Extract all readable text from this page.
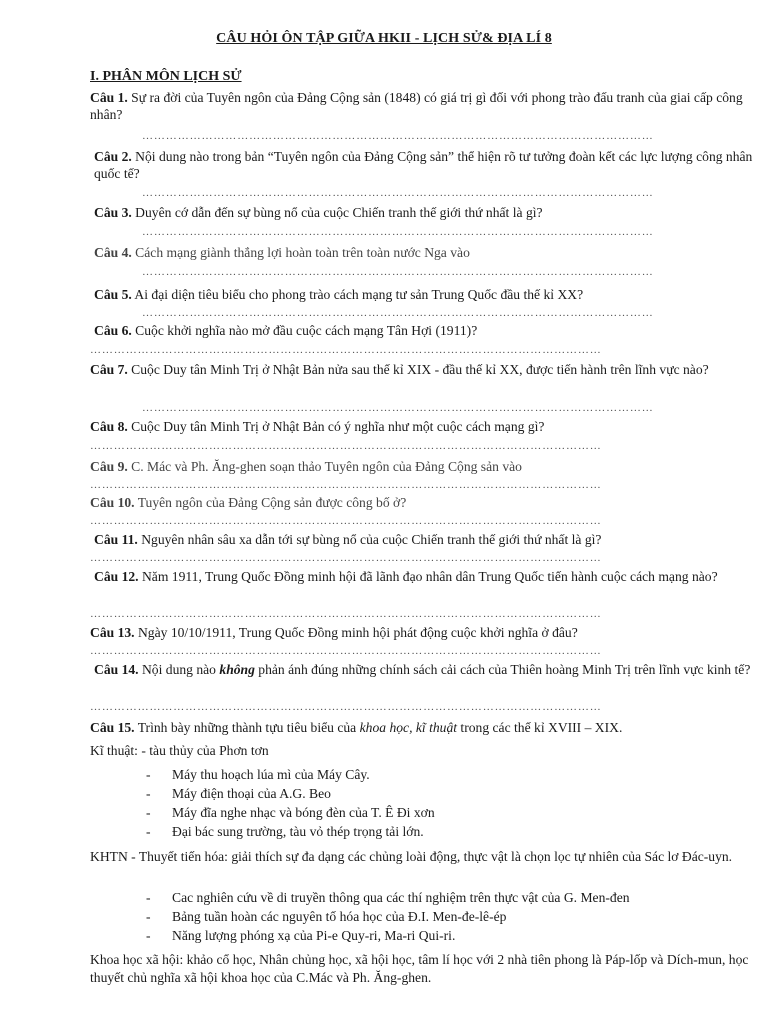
CÂU HỎI ÔN TẬP GIỮA HKII - LỊCH SỬ& ĐỊA LÍ 8
I. PHÂN MÔN LỊCH SỬ
Câu 1. Sự ra đời của Tuyên ngôn của Đảng Cộng sản (1848) có giá trị gì đối với phong trào đấu tranh của giai cấp công nhân?
…………………………………………………………………………………………………………………
Câu 2. Nội dung nào trong bản “Tuyên ngôn của Đảng Cộng sản” thể hiện rõ tư tưởng đoàn kết các lực lượng công nhân quốc tế?
…………………………………………………………………………………………………………………
Câu 3. Duyên cớ dẫn đến sự bùng nổ của cuộc Chiến tranh thế giới thứ nhất là gì?
…………………………………………………………………………………………………………………
Câu 4. Cách mạng giành thắng lợi hoàn toàn trên toàn nước Nga vào
…………………………………………………………………………………………………………………
Câu 5. Ai đại diện tiêu biểu cho phong trào cách mạng tư sản Trung Quốc đầu thế kỉ XX?
…………………………………………………………………………………………………………………
Câu 6. Cuộc khởi nghĩa nào mở đầu cuộc cách mạng Tân Hợi (1911)?
…………………………………………………………………………………………………………………
Câu 7. Cuộc Duy tân Minh Trị ở Nhật Bản nửa sau thế kỉ XIX - đầu thế kỉ XX, được tiến hành trên lĩnh vực nào?
…………………………………………………………………………………………………………………
Câu 8. Cuộc Duy tân Minh Trị ở Nhật Bản có ý nghĩa như một cuộc cách mạng gì?
…………………………………………………………………………………………………………………
Câu 9. C. Mác và Ph. Ăng-ghen soạn thảo Tuyên ngôn của Đảng Cộng sản vào
…………………………………………………………………………………………………………………
Câu 10. Tuyên ngôn của Đảng Cộng sản được công bố ở?
…………………………………………………………………………………………………………………
Câu 11. Nguyên nhân sâu xa dẫn tới sự bùng nổ của cuộc Chiến tranh thế giới thứ nhất là gì?
…………………………………………………………………………………………………………………
Câu 12. Năm 1911, Trung Quốc Đồng minh hội đã lãnh đạo nhân dân Trung Quốc tiến hành cuộc cách mạng nào?
…………………………………………………………………………………………………………………
Câu 13. Ngày 10/10/1911, Trung Quốc Đồng minh hội phát động cuộc khởi nghĩa ở đâu?
…………………………………………………………………………………………………………………
Câu 14. Nội dung nào không phản ánh đúng những chính sách cải cách của Thiên hoàng Minh Trị trên lĩnh vực kinh tế?
…………………………………………………………………………………………………………………
Câu 15. Trình bày những thành tựu tiêu biểu của khoa học, kĩ thuật trong các thế kỉ XVIII – XIX.
Kĩ thuật: - tàu thủy của Phơn tơn
- Máy thu hoạch lúa mì của Máy Cây.
- Máy điện thoại của A.G. Beo
- Máy đĩa nghe nhạc và bóng đèn của T. Ê Đi xơn
- Đại bác sung trường, tàu vỏ thép trọng tải lớn.
KHTN - Thuyết tiến hóa: giải thích sự đa dạng các chủng loài động, thực vật là chọn lọc tự nhiên của Sác lơ Đác-uyn.
- Cac nghiên cứu về di truyền thông qua các thí nghiệm trên thực vật của G. Men-đen
- Bảng tuần hoàn các nguyên tố hóa học của Đ.I. Men-đe-lê-ép
- Năng lượng phóng xạ của Pi-e Quy-ri, Ma-ri Qui-ri.
Khoa học xã hội: khảo cổ học, Nhân chủng học, xã hội học, tâm lí học với 2 nhà tiên phong là Páp-lốp và Dích-mun, học thuyết chủ nghĩa xã hội khoa học của C.Mác và Ph. Ăng-ghen.
